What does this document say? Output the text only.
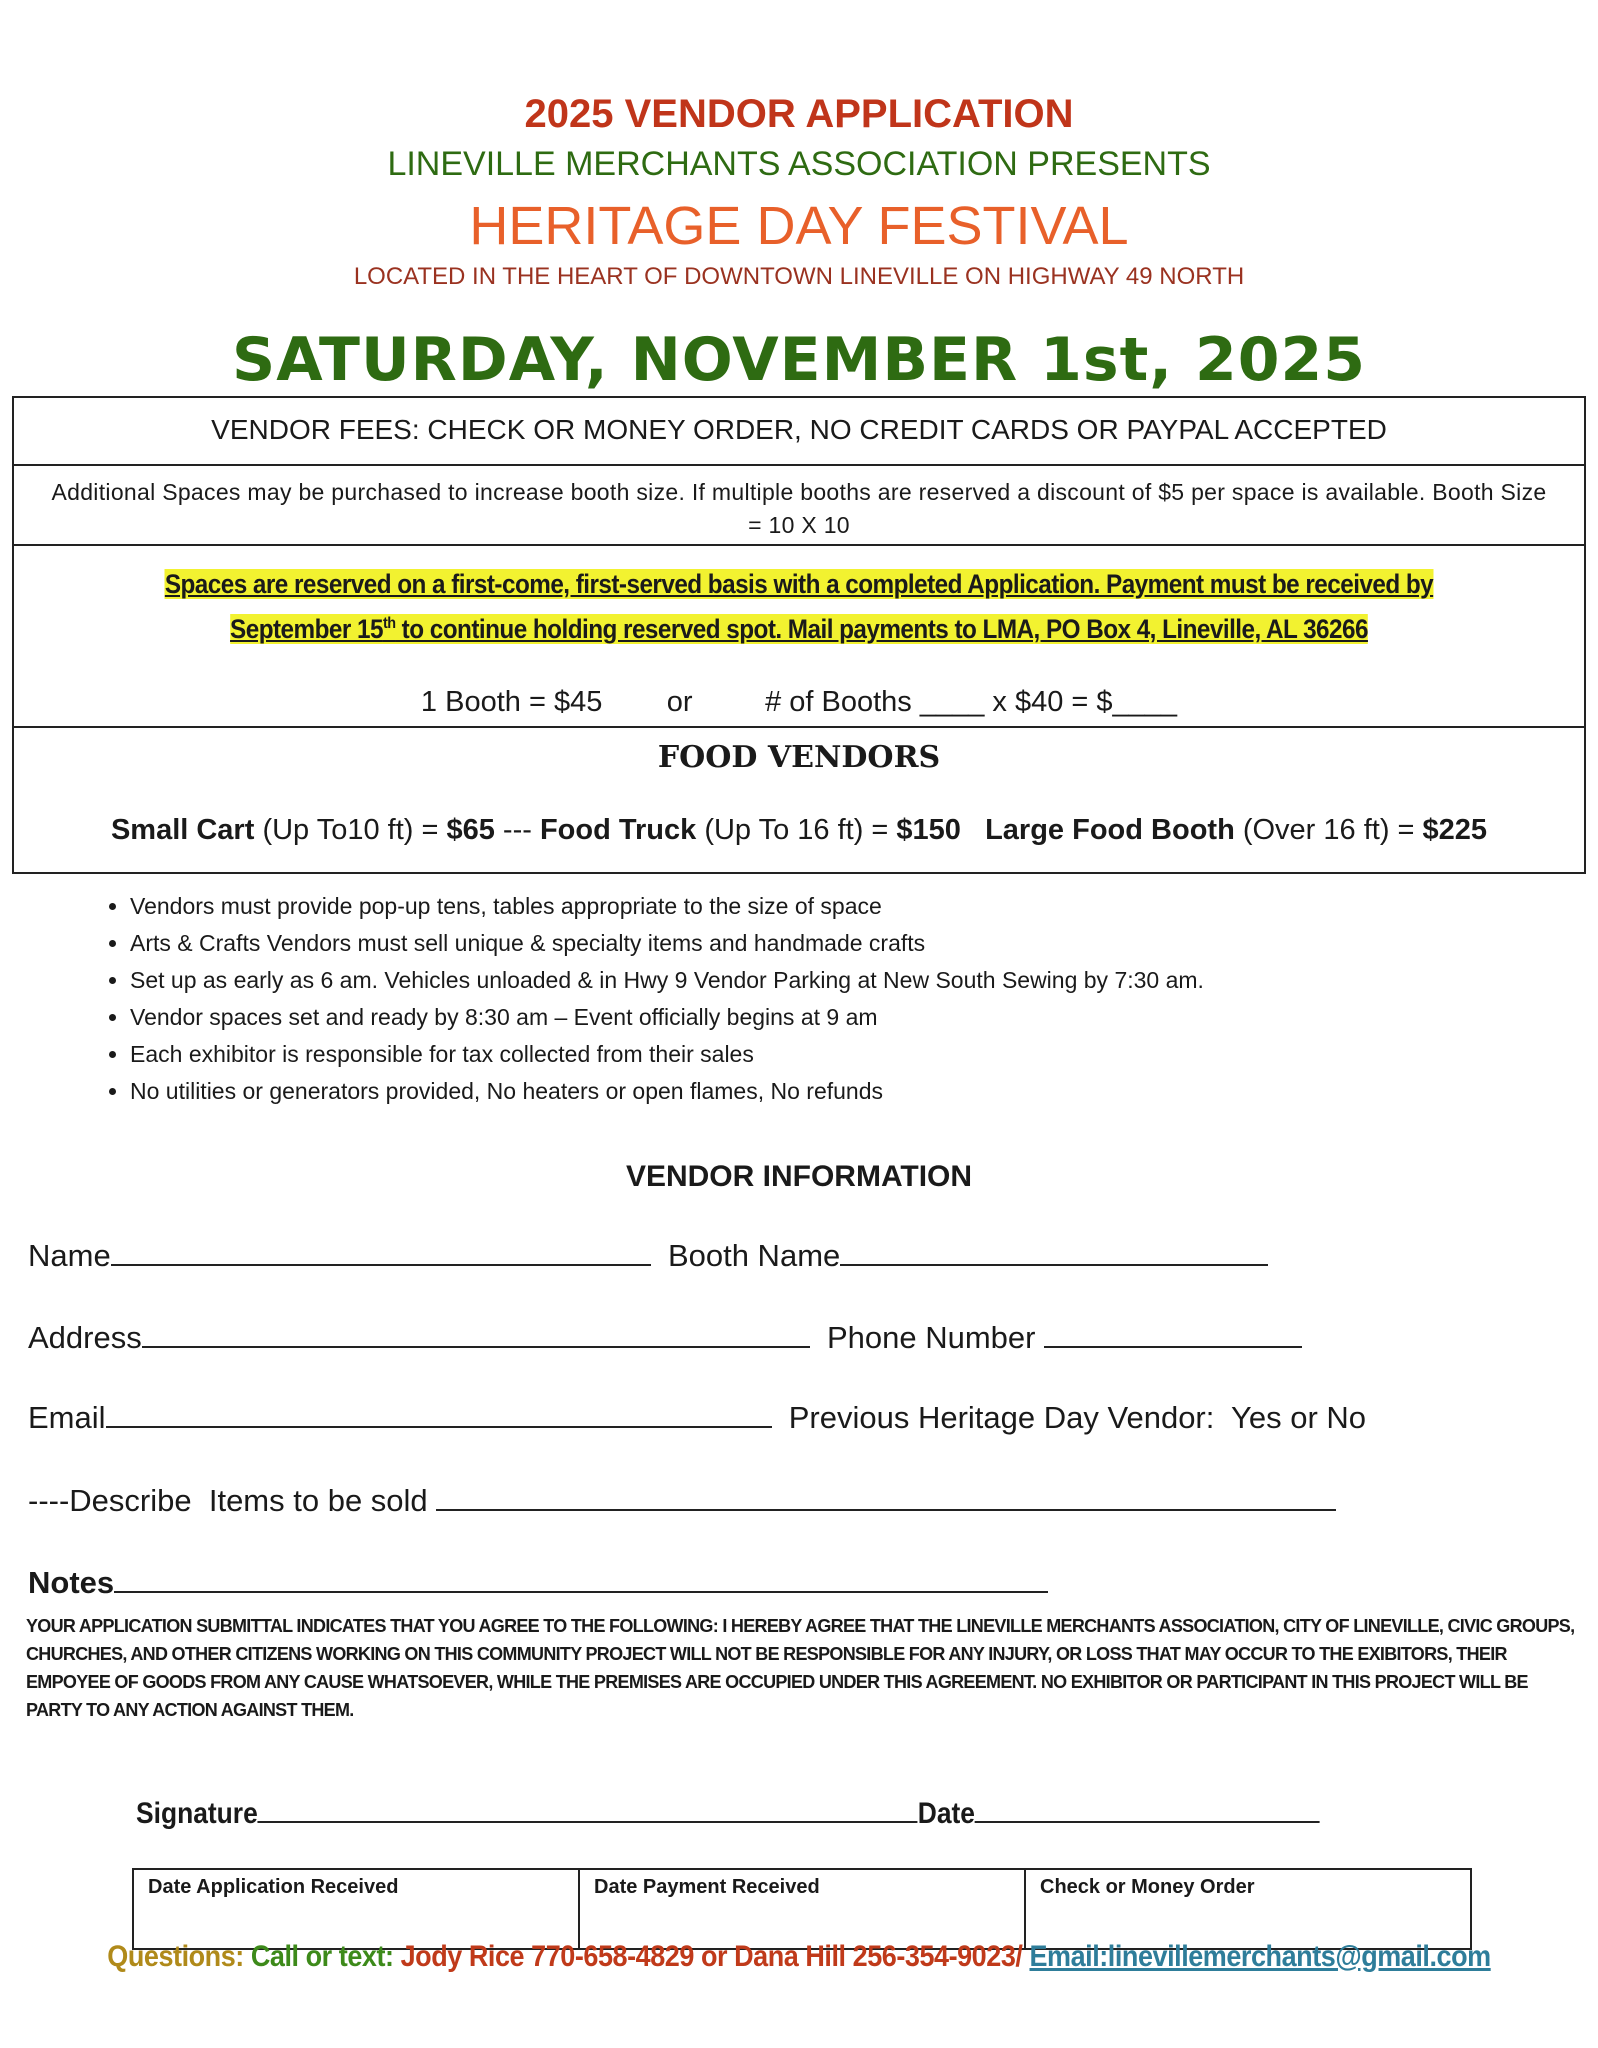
2025 VENDOR APPLICATION
LINEVILLE MERCHANTS ASSOCIATION PRESENTS
HERITAGE DAY FESTIVAL
LOCATED IN THE HEART OF DOWNTOWN LINEVILLE ON HIGHWAY 49 NORTH
SATURDAY, NOVEMBER 1st, 2025
VENDOR FEES: CHECK OR MONEY ORDER, NO CREDIT CARDS OR PAYPAL ACCEPTED
Additional Spaces may be purchased to increase booth size. If multiple booths are reserved a discount of $5 per space is available. Booth Size = 10 X 10
Spaces are reserved on a first-come, first-served basis with a completed Application. Payment must be received by September 15th to continue holding reserved spot. Mail payments to LMA, PO Box 4, Lineville, AL 36266
1 Booth = $45        or         # of Booths ____ x $40 = $____
FOOD VENDORS
Small Cart (Up To10 ft) = $65 --- Food Truck (Up To 16 ft) = $150 Large Food Booth (Over 16 ft) = $225
• Vendors must provide pop-up tens, tables appropriate to the size of space
• Arts & Crafts Vendors must sell unique & specialty items and handmade crafts
• Set up as early as 6 am. Vehicles unloaded & in Hwy 9 Vendor Parking at New South Sewing by 7:30 am.
• Vendor spaces set and ready by 8:30 am – Event officially begins at 9 am
• Each exhibitor is responsible for tax collected from their sales
• No utilities or generators provided, No heaters or open flames, No refunds
VENDOR INFORMATION
Name	Booth Name
Address	Phone Number
Email	Previous Heritage Day Vendor:  Yes or No
----Describe  Items to be sold
Notes
YOUR APPLICATION SUBMITTAL INDICATES THAT YOU AGREE TO THE FOLLOWING: I HEREBY AGREE THAT THE LINEVILLE MERCHANTS ASSOCIATION, CITY OF LINEVILLE, CIVIC GROUPS, CHURCHES, AND OTHER CITIZENS WORKING ON THIS COMMUNITY PROJECT WILL NOT BE RESPONSIBLE FOR ANY INJURY, OR LOSS THAT MAY OCCUR TO THE EXIBITORS, THEIR EMPOYEE OF GOODS FROM ANY CAUSE WHATSOEVER, WHILE THE PREMISES ARE OCCUPIED UNDER THIS AGREEMENT. NO EXHIBITOR OR PARTICIPANT IN THIS PROJECT WILL BE PARTY TO ANY ACTION AGAINST THEM.
Signature	Date
Date Application Received	Date Payment Received	Check or Money Order
Questions: Call or text: Jody Rice 770-658-4829 or Dana Hill 256-354-9023/ Email:linevillemerchants@gmail.com
